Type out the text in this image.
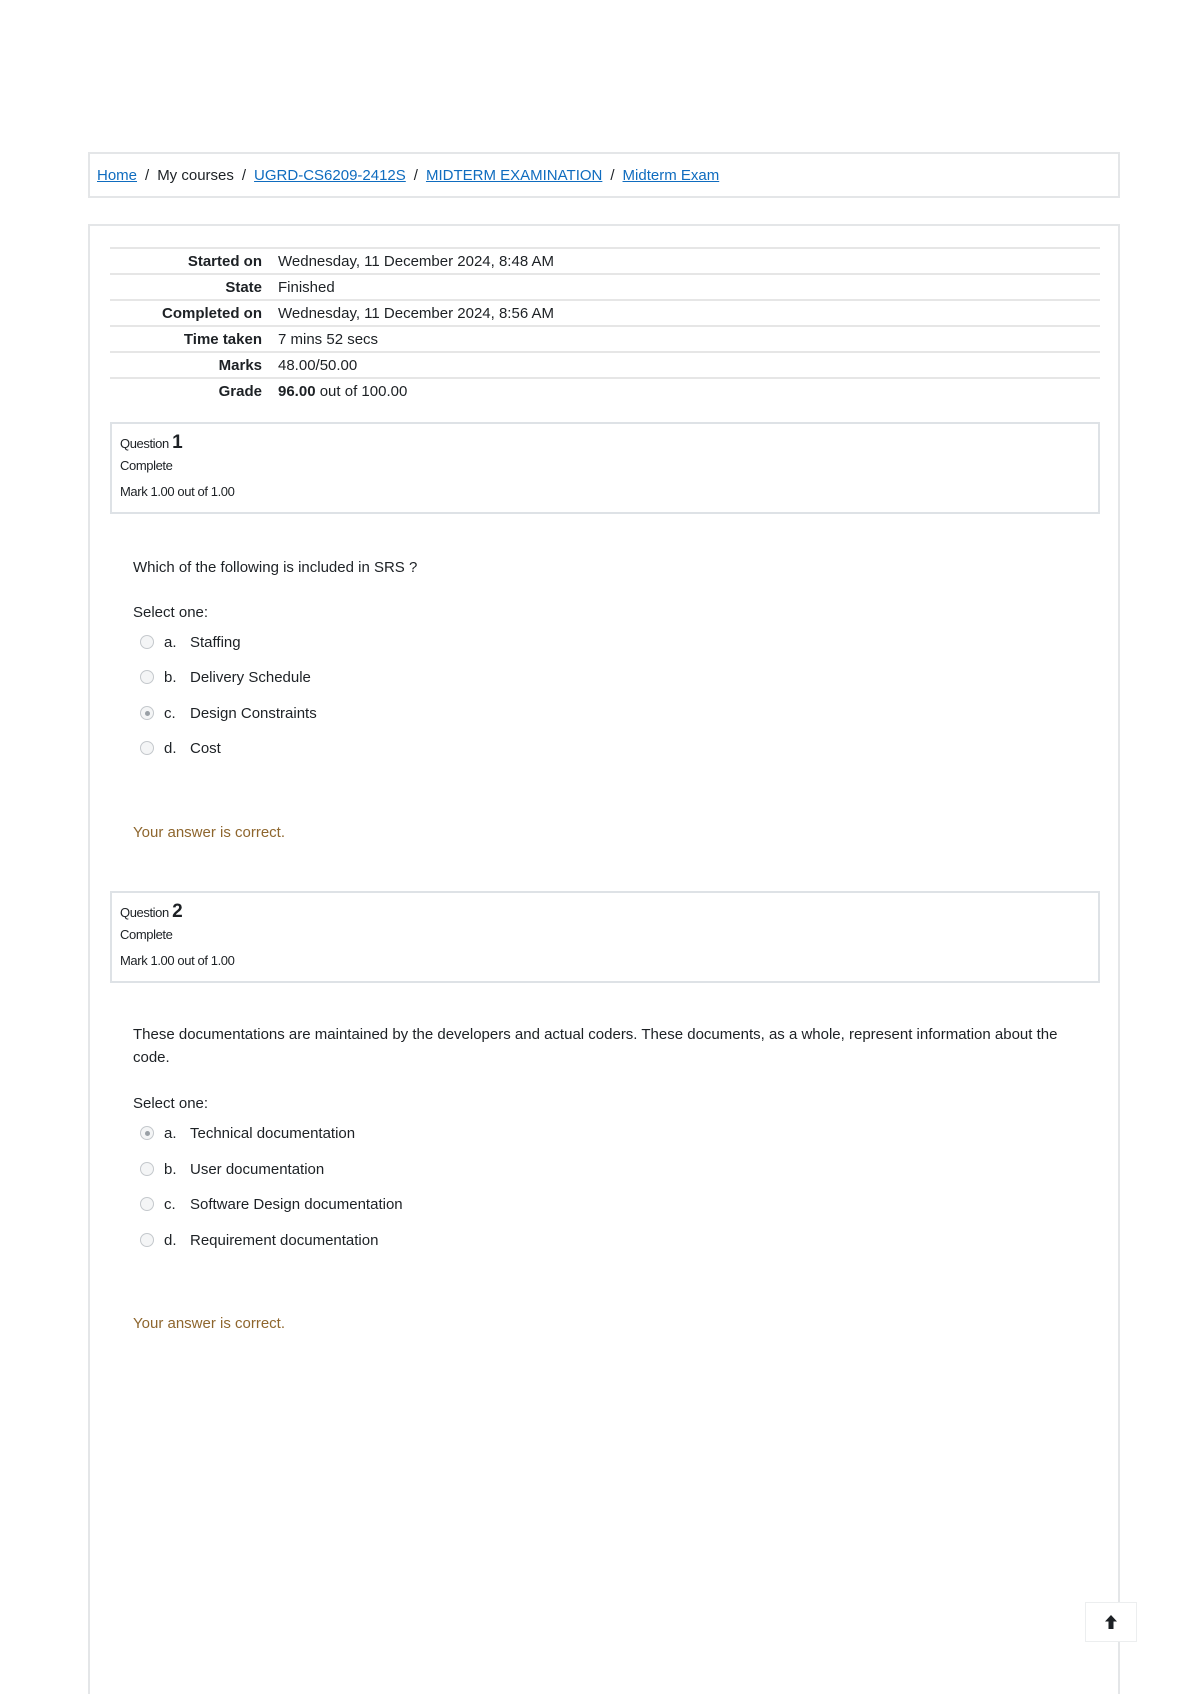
Home / My courses / UGRD-CS6209-2412S / MIDTERM EXAMINATION / Midterm Exam
Started on	Wednesday, 11 December 2024, 8:48 AM
State	Finished
Completed on	Wednesday, 11 December 2024, 8:56 AM
Time taken	7 mins 52 secs
Marks	48.00/50.00
Grade	96.00 out of 100.00
Question 1
Complete
Mark 1.00 out of 1.00
Which of the following is included in SRS ?
Select one:
a. Staffing
b. Delivery Schedule
c. Design Constraints
d. Cost
Your answer is correct.
Question 2
Complete
Mark 1.00 out of 1.00
These documentations are maintained by the developers and actual coders. These documents, as a whole, represent information about the code.
Select one:
a. Technical documentation
b. User documentation
c. Software Design documentation
d. Requirement documentation
Your answer is correct.
